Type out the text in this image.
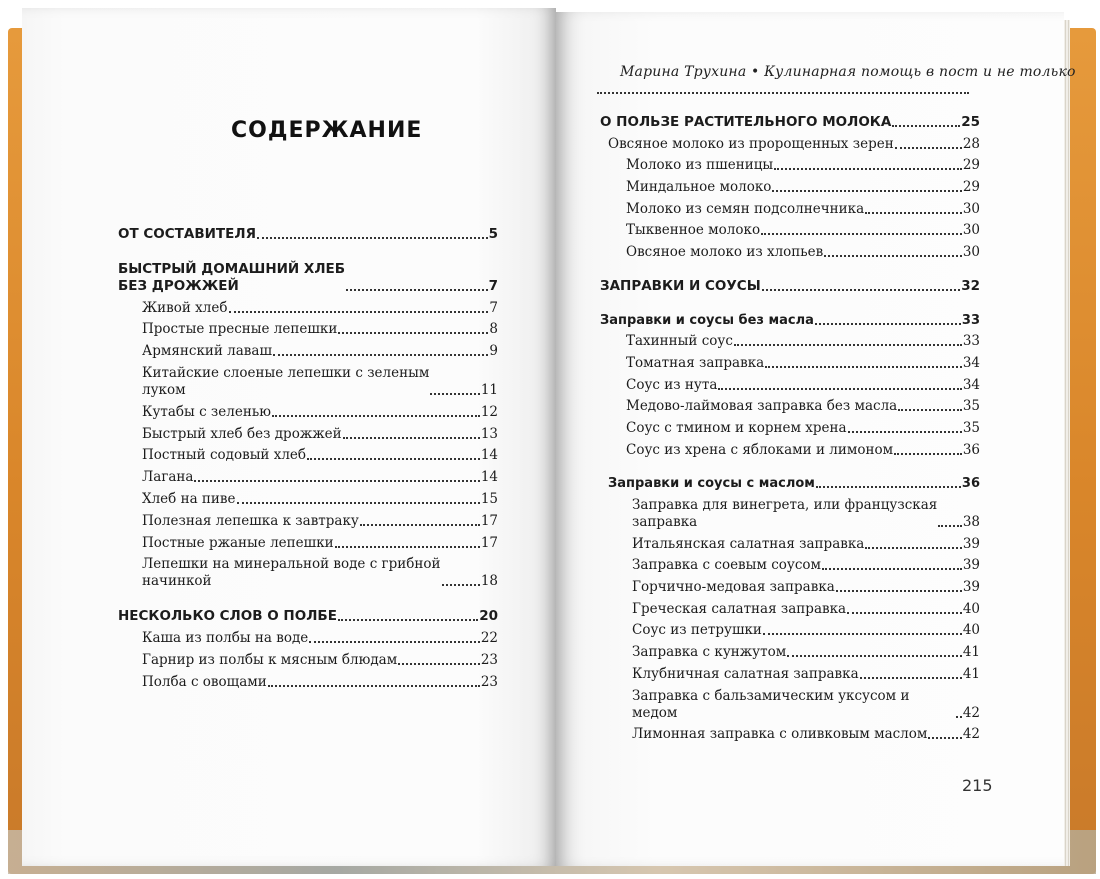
СОДЕРЖАНИЕ
Марина Трухина • Кулинарная помощь в пост и не только
ОТ СОСТАВИТЕЛЯ	5
БЫСТРЫЙ ДОМАШНИЙ ХЛЕБ
БЕЗ ДРОЖЖЕЙ	7
Живой хлеб	7
Простые пресные лепешки	8
Армянский лаваш	9
Китайские слоеные лепешки с зеленым
луком	11
Кутабы с зеленью	12
Быстрый хлеб без дрожжей	13
Постный содовый хлеб	14
Лагана	14
Хлеб на пиве	15
Полезная лепешка к завтраку	17
Постные ржаные лепешки	17
Лепешки на минеральной воде с грибной
начинкой	18
НЕСКОЛЬКО СЛОВ О ПОЛБЕ	20
Каша из полбы на воде	22
Гарнир из полбы к мясным блюдам	23
Полба с овощами	23
О ПОЛЬЗЕ РАСТИТЕЛЬНОГО МОЛОКА	25
Овсяное молоко из пророщенных зерен	28
Молоко из пшеницы	29
Миндальное молоко	29
Молоко из семян подсолнечника	30
Тыквенное молоко	30
Овсяное молоко из хлопьев	30
ЗАПРАВКИ И СОУСЫ	32
Заправки и соусы без масла	33
Тахинный соус	33
Томатная заправка	34
Соус из нута	34
Медово-лаймовая заправка без масла	35
Соус с тмином и корнем хрена	35
Соус из хрена с яблоками и лимоном	36
Заправки и соусы с маслом	36
Заправка для винегрета, или французская
заправка	38
Итальянская салатная заправка	39
Заправка с соевым соусом	39
Горчично-медовая заправка	39
Греческая салатная заправка	40
Соус из петрушки	40
Заправка с кунжутом	41
Клубничная салатная заправка	41
Заправка с бальзамическим уксусом и медом	42
Лимонная заправка с оливковым маслом	42
215
